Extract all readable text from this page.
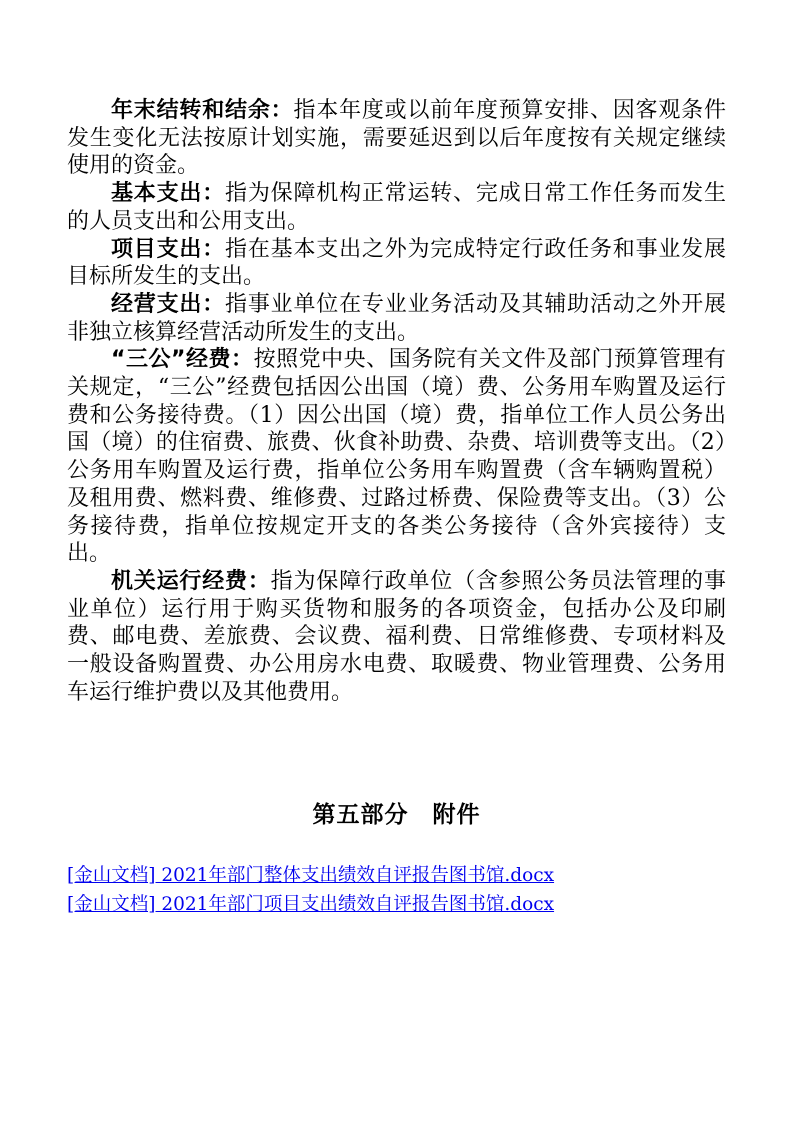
年末结转和结余：指本年度或以前年度预算安排、因客观条件发生变化无法按原计划实施，需要延迟到以后年度按有关规定继续使用的资金。

基本支出：指为保障机构正常运转、完成日常工作任务而发生的人员支出和公用支出。

项目支出：指在基本支出之外为完成特定行政任务和事业发展目标所发生的支出。

经营支出：指事业单位在专业业务活动及其辅助活动之外开展非独立核算经营活动所发生的支出。

“三公”经费：按照党中央、国务院有关文件及部门预算管理有关规定，“三公”经费包括因公出国（境）费、公务用车购置及运行费和公务接待费。（1）因公出国（境）费，指单位工作人员公务出国（境）的住宿费、旅费、伙食补助费、杂费、培训费等支出。（2）公务用车购置及运行费，指单位公务用车购置费（含车辆购置税）及租用费、燃料费、维修费、过路过桥费、保险费等支出。（3）公务接待费，指单位按规定开支的各类公务接待（含外宾接待）支出。

机关运行经费：指为保障行政单位（含参照公务员法管理的事业单位）运行用于购买货物和服务的各项资金，包括办公及印刷费、邮电费、差旅费、会议费、福利费、日常维修费、专项材料及一般设备购置费、办公用房水电费、取暖费、物业管理费、公务用车运行维护费以及其他费用。

第五部分　附件
[金山文档] 2021年部门整体支出绩效自评报告图书馆.docx
[金山文档] 2021年部门项目支出绩效自评报告图书馆.docx
